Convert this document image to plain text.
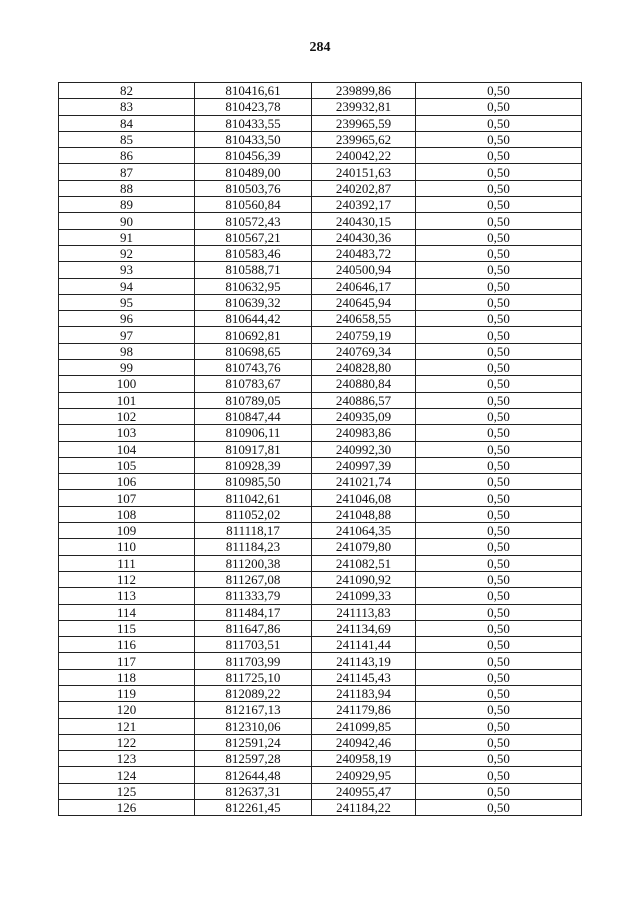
284
82	810416,61	239899,86	0,50
83	810423,78	239932,81	0,50
84	810433,55	239965,59	0,50
85	810433,50	239965,62	0,50
86	810456,39	240042,22	0,50
87	810489,00	240151,63	0,50
88	810503,76	240202,87	0,50
89	810560,84	240392,17	0,50
90	810572,43	240430,15	0,50
91	810567,21	240430,36	0,50
92	810583,46	240483,72	0,50
93	810588,71	240500,94	0,50
94	810632,95	240646,17	0,50
95	810639,32	240645,94	0,50
96	810644,42	240658,55	0,50
97	810692,81	240759,19	0,50
98	810698,65	240769,34	0,50
99	810743,76	240828,80	0,50
100	810783,67	240880,84	0,50
101	810789,05	240886,57	0,50
102	810847,44	240935,09	0,50
103	810906,11	240983,86	0,50
104	810917,81	240992,30	0,50
105	810928,39	240997,39	0,50
106	810985,50	241021,74	0,50
107	811042,61	241046,08	0,50
108	811052,02	241048,88	0,50
109	811118,17	241064,35	0,50
110	811184,23	241079,80	0,50
111	811200,38	241082,51	0,50
112	811267,08	241090,92	0,50
113	811333,79	241099,33	0,50
114	811484,17	241113,83	0,50
115	811647,86	241134,69	0,50
116	811703,51	241141,44	0,50
117	811703,99	241143,19	0,50
118	811725,10	241145,43	0,50
119	812089,22	241183,94	0,50
120	812167,13	241179,86	0,50
121	812310,06	241099,85	0,50
122	812591,24	240942,46	0,50
123	812597,28	240958,19	0,50
124	812644,48	240929,95	0,50
125	812637,31	240955,47	0,50
126	812261,45	241184,22	0,50
